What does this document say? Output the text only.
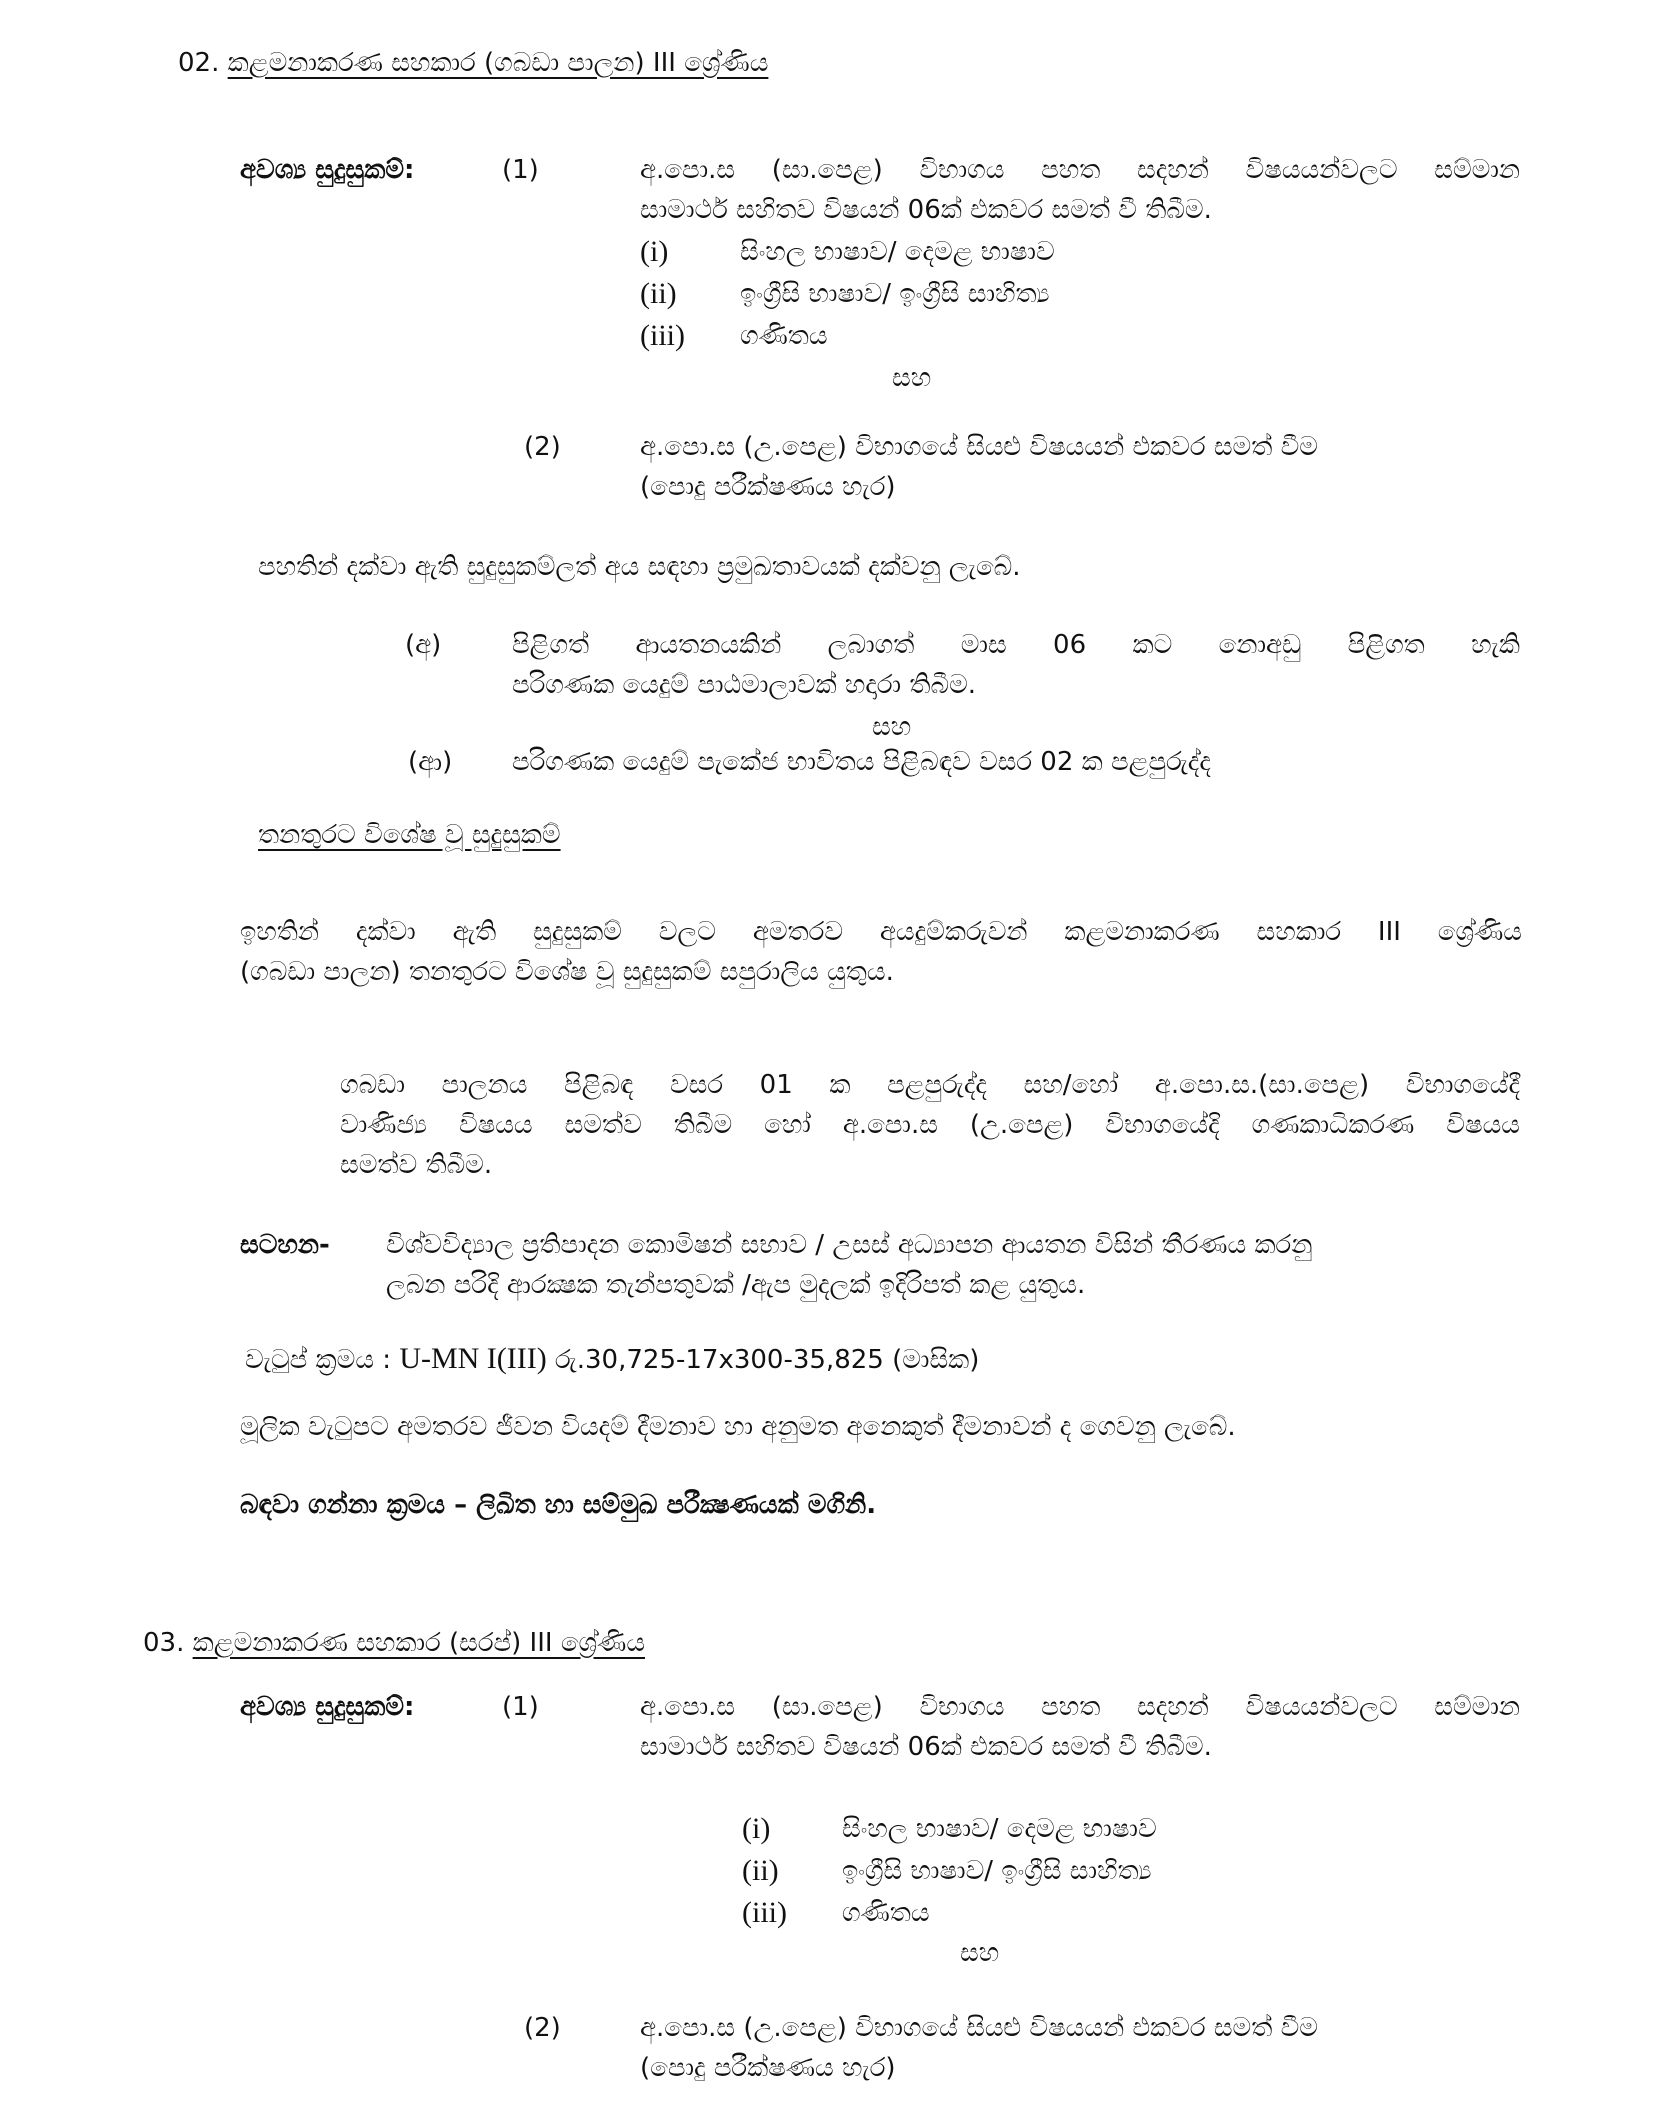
02. කළමනාකරණ සහකාර (ගබඩා පාලන) III ශ්‍රේණිය
අවශ්‍ය සුදුසුකම්:	(1)	අ.පො.ස (සා.පෙළ) විභාගය පහත සදහන් විෂයයන්වලට සම්මාන
සාමාර්ථ සහිතව විෂයන් 06ක් එකවර සමත් වී තිබීම.
(i)	සිංහල භාෂාව/ දෙමළ භාෂාව
(ii) ඉංග්‍රීසි භාෂාව/ ඉංග්‍රීසි සාහිත්‍ය
(iii) ගණිතය
සහ
(2)	අ.පො.ස (උ.පෙළ) විභාගයේ සියළු විෂයයන් එකවර සමත් වීම
(පොදු පරීක්ෂණය හැර)
පහතින් දක්වා ඇති සුදුසුකම්ලත් අය සඳහා ප්‍රමුඛතාවයක් දක්වනු ලැබේ.
(අ)	පිළිගත් ආයතනයකින් ලබාගත් මාස 06 කට නොඅඩු පිළිගත හැකි
පරිගණක යෙදුම් පාඨමාලාවක් හදාරා තිබීම.
සහ
(ආ) පරිගණක යෙදුම් පැකේජ භාවිතය පිළිබඳව වසර 02 ක පළපුරුද්ද
තනතුරට විශේෂ වූ සුදුසුකම්
ඉහතින් දක්වා ඇති සුදුසුකම් වලට අමතරව අයදුම්කරුවන් කළමනාකරණ සහකාර III ශ්‍රේණිය
(ගබඩා පාලන) තනතුරට විශේෂ වූ සුදුසුකම් සපුරාලිය යුතුය.
ගබඩා පාලනය පිළිබඳ වසර 01 ක පළපුරුද්ද සහ/හෝ අ.පො.ස.(සා.පෙළ) විභාගයේදී
වාණිජ්‍ය විෂයය සමත්ව තිබීම හෝ අ.පො.ස (උ.පෙළ) විභාගයේදි ගණකාධිකරණ විෂයය
සමත්ව තිබීම.
සටහන- විශ්වවිද්‍යාල ප්‍රතිපාදන කොමිෂන් සභාව / උසස් අධ්‍යාපන ආයතන විසින් තීරණය කරනු
ලබන පරිදි ආරක්‍ෂක තැන්පතුවක් /ඇප මුදලක් ඉදිරිපත් කළ යුතුය.
වැටුප් ක්‍රමය : U-MN I(III) රු.30,725-17x300-35,825 (මාසික)
මූලික වැටුපට අමතරව ජීවන වියදම් දීමනාව හා අනුමත අනෙකුත් දීමනාවන් ද ගෙවනු ලැබේ.
බඳවා ගන්නා ක්‍රමය – ලිඛිත හා සම්මුඛ පරීක්‍ෂණයක් මගිනි.
03. කළමනාකරණ සහකාර (සරප්) III ශ්‍රේණිය
අවශ්‍ය සුදුසුකම්:	(1)	අ.පො.ස (සා.පෙළ) විභාගය පහත සදහන් විෂයයන්වලට සම්මාන
සාමාර්ථ සහිතව විෂයන් 06ක් එකවර සමත් වී තිබීම.
(i)	සිංහල භාෂාව/ දෙමළ භාෂාව
(ii) ඉංග්‍රීසි භාෂාව/ ඉංග්‍රීසි සාහිත්‍ය
(iii) ගණිතය
සහ
(2)	අ.පො.ස (උ.පෙළ) විභාගයේ සියළු විෂයයන් එකවර සමත් වීම
(පොදු පරීක්ෂණය හැර)
